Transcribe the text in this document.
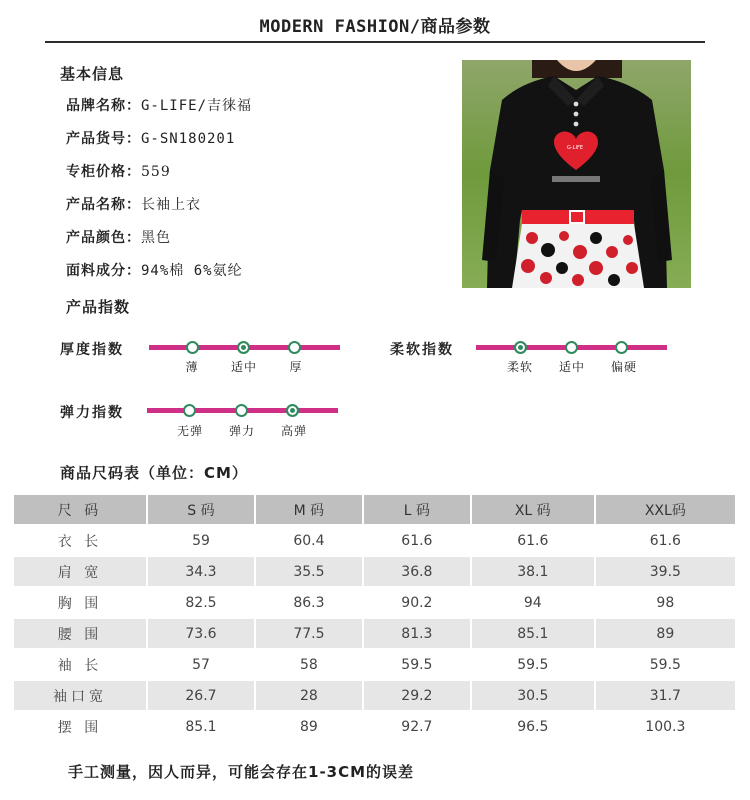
MODERN FASHION/商品参数
基本信息
品牌名称：G-LIFE/吉徕福
产品货号：G-SN180201
专柜价格：559
产品名称：长袖上衣
产品颜色：黑色
面料成分：94%棉 6%氨纶
G-LIFE
产品指数
厚度指数
薄	适中	厚
柔软指数
柔软	适中	偏硬
弹力指数
无弹	弹力	高弹
商品尺码表（单位：CM）
尺 码	S 码	M 码	L 码	XL 码	XXL码
衣 长	59	60.4	61.6	61.6	61.6
肩 宽	34.3	35.5	36.8	38.1	39.5
胸 围	82.5	86.3	90.2	94	98
腰 围	73.6	77.5	81.3	85.1	89
袖 长	57	58	59.5	59.5	59.5
袖口宽	26.7	28	29.2	30.5	31.7
摆 围	85.1	89	92.7	96.5	100.3
手工测量，因人而异，可能会存在1-3CM的误差
